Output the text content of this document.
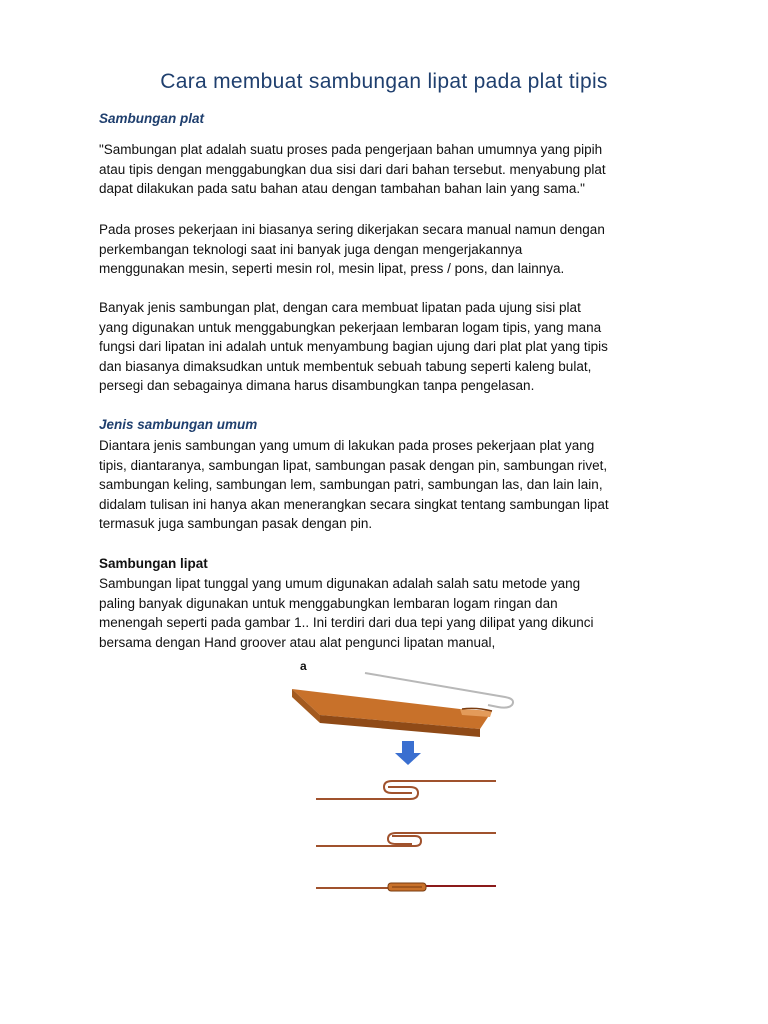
Cara membuat sambungan lipat pada plat tipis
Sambungan plat

"Sambungan plat adalah suatu proses pada pengerjaan bahan umumnya yang pipih
atau tipis dengan menggabungkan dua sisi dari dari bahan tersebut. menyabung plat
dapat dilakukan pada satu bahan atau dengan tambahan bahan lain yang sama."

Pada proses pekerjaan ini biasanya sering dikerjakan secara manual namun dengan
perkembangan teknologi saat ini banyak juga dengan mengerjakannya
menggunakan mesin, seperti mesin rol, mesin lipat, press / pons, dan lainnya.

Banyak jenis sambungan plat, dengan cara membuat lipatan pada ujung sisi plat
yang digunakan untuk menggabungkan pekerjaan lembaran logam tipis, yang mana
fungsi dari lipatan ini adalah untuk menyambung bagian ujung dari plat plat yang tipis
dan biasanya dimaksudkan untuk membentuk sebuah tabung seperti kaleng bulat,
persegi dan sebagainya dimana harus disambungkan tanpa pengelasan.

Jenis sambungan umum

Diantara jenis sambungan yang umum di lakukan pada proses pekerjaan plat yang
tipis, diantaranya, sambungan lipat, sambungan pasak dengan pin, sambungan rivet,
sambungan keling, sambungan lem, sambungan patri, sambungan las, dan lain lain,
didalam tulisan ini hanya akan menerangkan secara singkat tentang sambungan lipat
termasuk juga sambungan pasak dengan pin.

Sambungan lipat

Sambungan lipat tunggal yang umum digunakan adalah salah satu metode yang
paling banyak digunakan untuk menggabungkan lembaran logam ringan dan
menengah seperti pada gambar 1.. Ini terdiri dari dua tepi yang dilipat yang dikunci
bersama dengan Hand groover atau alat pengunci lipatan manual,

a
